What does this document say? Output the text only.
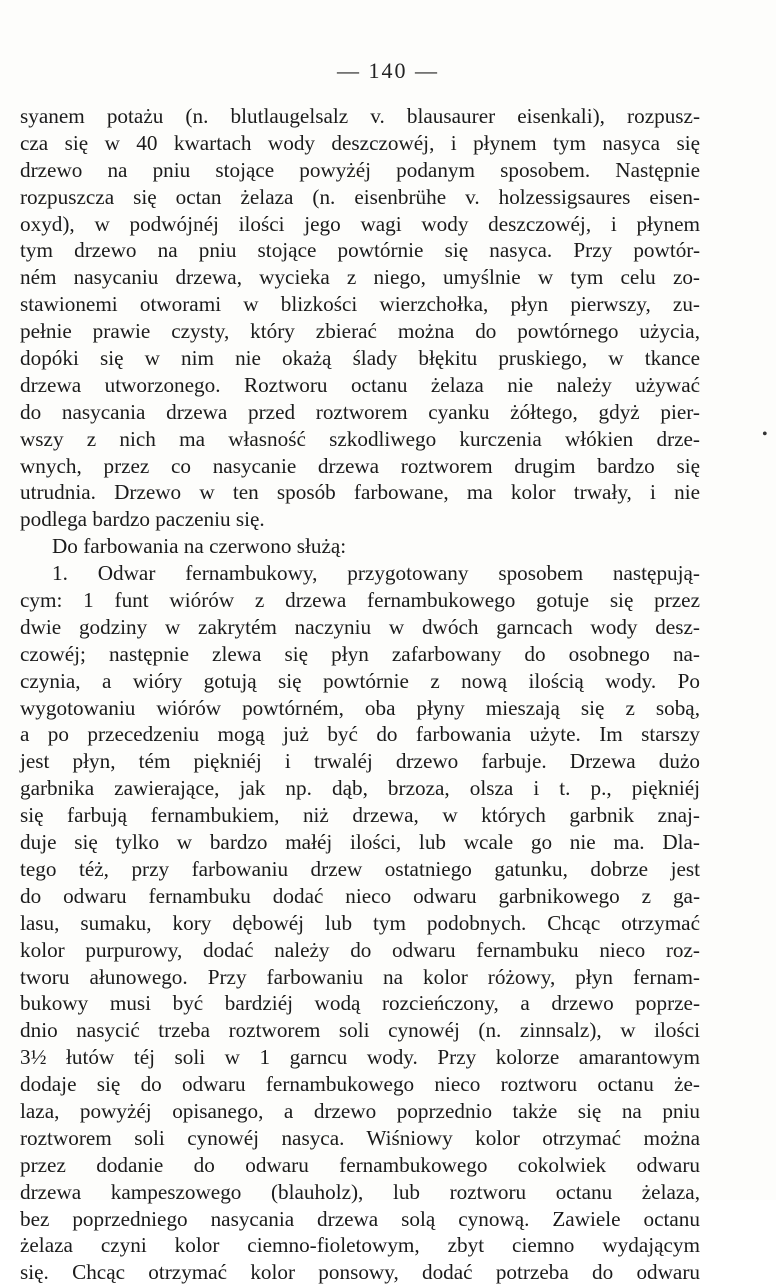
— 140 —
syanem potażu (n. blutlaugelsalz v. blausaurer eisenkali), rozpusz-
cza się w 40 kwartach wody deszczowéj, i płynem tym nasyca się
drzewo na pniu stojące powyżéj podanym sposobem. Następnie
rozpuszcza się octan żelaza (n. eisenbrühe v. holzessigsaures eisen-
oxyd), w podwójnéj ilości jego wagi wody deszczowéj, i płynem
tym drzewo na pniu stojące powtórnie się nasyca. Przy powtór-
ném nasycaniu drzewa, wycieka z niego, umyślnie w tym celu zo-
stawionemi otworami w blizkości wierzchołka, płyn pierwszy, zu-
pełnie prawie czysty, który zbierać można do powtórnego użycia,
dopóki się w nim nie okażą ślady błękitu pruskiego, w tkance
drzewa utworzonego. Roztworu octanu żelaza nie należy używać
do nasycania drzewa przed roztworem cyanku żółtego, gdyż pier-
wszy z nich ma własność szkodliwego kurczenia włókien drze-
wnych, przez co nasycanie drzewa roztworem drugim bardzo się
utrudnia. Drzewo w ten sposób farbowane, ma kolor trwały, i nie
podlega bardzo paczeniu się.
Do farbowania na czerwono służą:
1. Odwar fernambukowy, przygotowany sposobem następują-
cym: 1 funt wiórów z drzewa fernambukowego gotuje się przez
dwie godziny w zakrytém naczyniu w dwóch garncach wody desz-
czowéj; następnie zlewa się płyn zafarbowany do osobnego na-
czynia, a wióry gotują się powtórnie z nową ilością wody. Po
wygotowaniu wiórów powtórném, oba płyny mieszają się z sobą,
a po przecedzeniu mogą już być do farbowania użyte. Im starszy
jest płyn, tém piękniéj i trwaléj drzewo farbuje. Drzewa dużo
garbnika zawierające, jak np. dąb, brzoza, olsza i t. p., piękniéj
się farbują fernambukiem, niż drzewa, w których garbnik znaj-
duje się tylko w bardzo małéj ilości, lub wcale go nie ma. Dla-
tego téż, przy farbowaniu drzew ostatniego gatunku, dobrze jest
do odwaru fernambuku dodać nieco odwaru garbnikowego z ga-
lasu, sumaku, kory dębowéj lub tym podobnych. Chcąc otrzymać
kolor purpurowy, dodać należy do odwaru fernambuku nieco roz-
tworu ałunowego. Przy farbowaniu na kolor różowy, płyn fernam-
bukowy musi być bardziéj wodą rozcieńczony, a drzewo poprze-
dnio nasycić trzeba roztworem soli cynowéj (n. zinnsalz), w ilości
3½ łutów téj soli w 1 garncu wody. Przy kolorze amarantowym
dodaje się do odwaru fernambukowego nieco roztworu octanu że-
laza, powyżéj opisanego, a drzewo poprzednio także się na pniu
roztworem soli cynowéj nasyca. Wiśniowy kolor otrzymać można
przez dodanie do odwaru fernambukowego cokolwiek odwaru
drzewa kampeszowego (blauholz), lub roztworu octanu żelaza,
bez poprzedniego nasycania drzewa solą cynową. Zawiele octanu
żelaza czyni kolor ciemno-fioletowym, zbyt ciemno wydającym
się. Chcąc otrzymać kolor ponsowy, dodać potrzeba do odwaru
•
